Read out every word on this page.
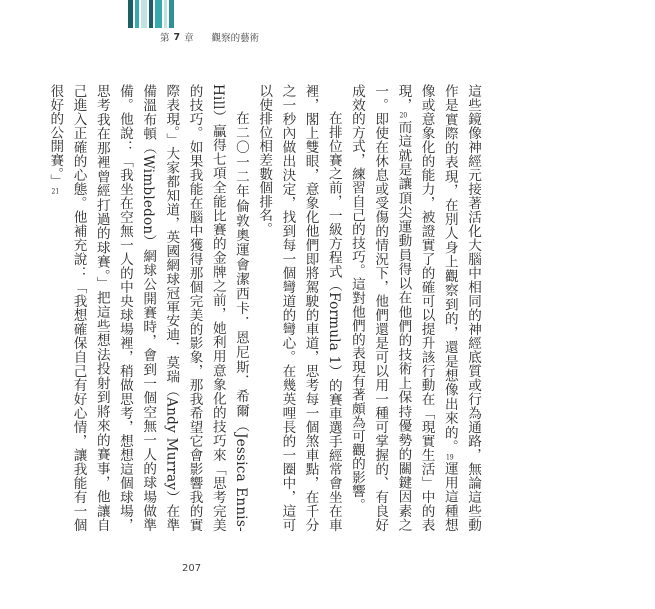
第 7 章 觀察的藝術

這些鏡像神經元接著活化大腦中相同的神經底質或行為通路，無論這些動作是實際的表現，在別人身上觀察到的，還是想像出來的。19運用這種想像或意象化的能力，被證實了的確可以提升該行動在「現實生活」中的表現，20而這就是讓頂尖運動員得以在他們的技術上保持優勢的關鍵因素之一。即使在休息或受傷的情況下，他們還是可以用一種可掌握的、有良好成效的方式，練習自己的技巧。這對他們的表現有著頗為可觀的影響。

在排位賽之前，一級方程式（Formula 1）的賽車選手經常會坐在車裡，閣上雙眼，意象化他們即將駕駛的車道，思考每一個煞車點，在千分之一秒內做出決定，找到每一個彎道的彎心。在幾英哩長的一圈中，這可以使排位相差數個排名。

在二〇一二年倫敦奧運會潔西卡．恩尼斯．希爾（Jessica Ennis-Hill）贏得七項全能比賽的金牌之前，她利用意象化的技巧來「思考完美的技巧。如果我能在腦中獲得那個完美的影象，那我希望它會影響我的實際表現。」大家都知道，英國網球冠軍安迪．莫瑞（Andy Murray）在準備溫布頓（Wimbledon）網球公開賽時，會到一個空無一人的球場做準備。他說：「我坐在空無一人的中央球場裡，稍做思考，想想這個球場，思考我在那裡曾經打過的球賽。」把這些想法投射到將來的賽事，他讓自己進入正確的心態。他補充說：「我想確保自己有好心情，讓我能有一個很好的公開賽。」21

207
